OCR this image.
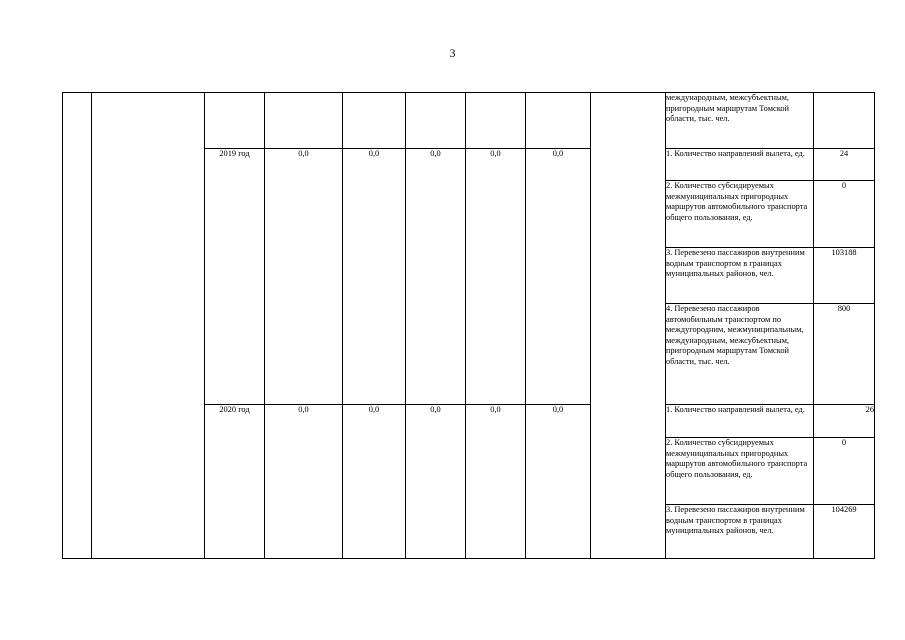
3
									международным, межсубъектным, пригородным маршрутам Томской области, тыс. чел.	
		2019 год	0,0	0,0	0,0	0,0	0,0		1. Количество направлений вылета, ед.	24
									2. Количество субсидируемых межмуниципальных пригородных маршрутов автомобильного транспорта общего пользования, ед.	0
									3. Перевезено пассажиров внутренним водным транспортом в границах муниципальных районов, чел.	103188
									4. Перевезено пассажиров автомобильным транспортом по междугородним, межмуниципальным, международным, межсубъектным, пригородным маршрутам Томской области, тыс. чел.	800
		2020 год	0,0	0,0	0,0	0,0	0,0		1. Количество направлений вылета, ед.	26
									2. Количество субсидируемых межмуниципальных пригородных маршрутов автомобильного транспорта общего пользования, ед.	0
									3. Перевезено пассажиров внутренним водным транспортом в границах муниципальных районов, чел.	104269
